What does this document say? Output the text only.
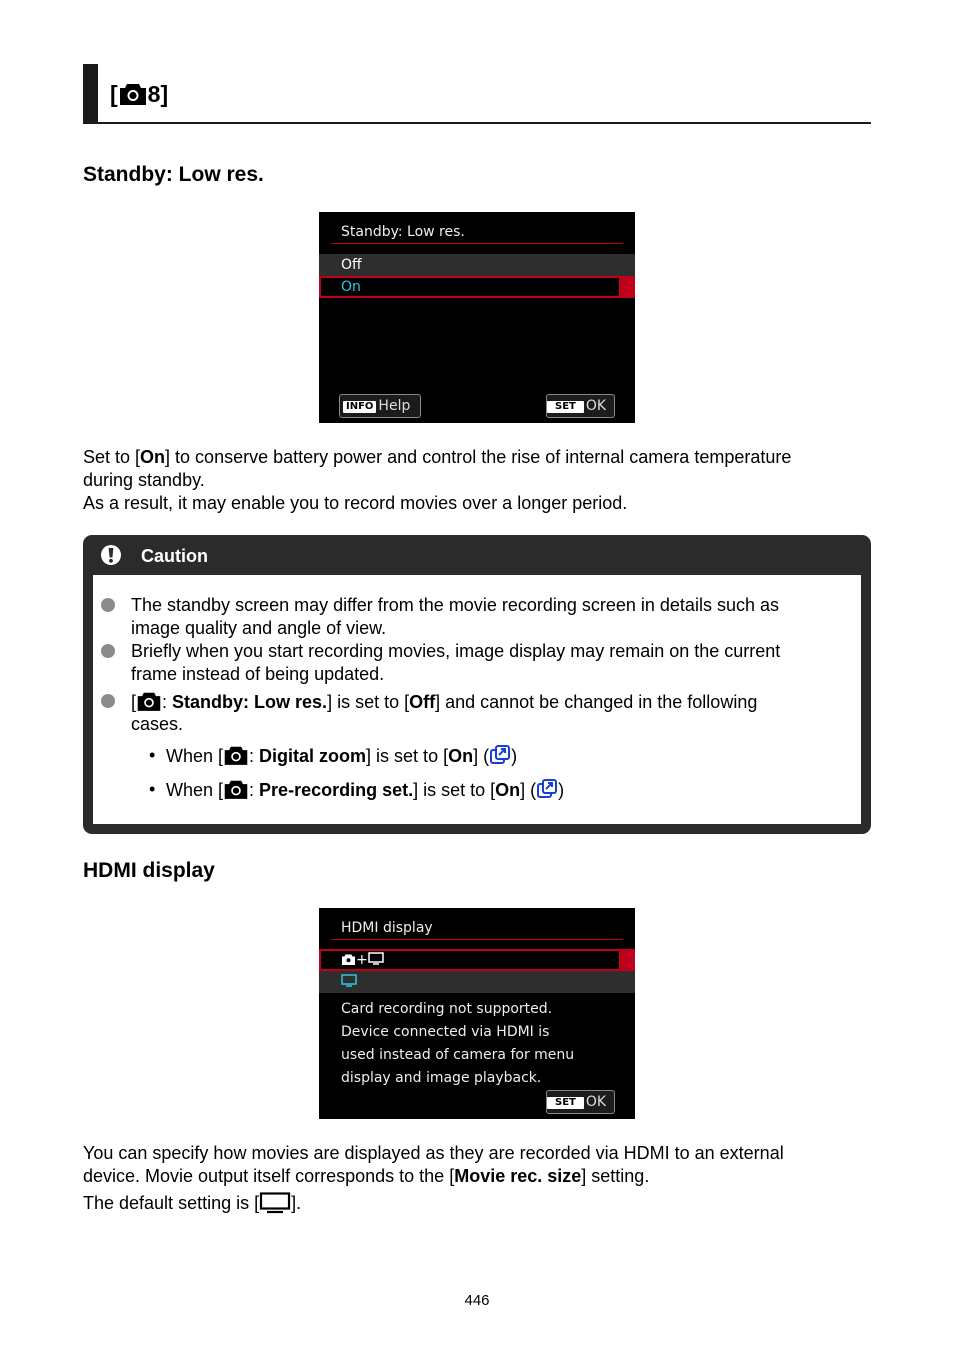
[ 8]
Standby: Low res.
Standby: Low res.
Off
On
INFO Help	SET OK
Set to [On] to conserve battery power and control the rise of internal camera temperature
during standby.
As a result, it may enable you to record movies over a longer period.
Caution
The standby screen may differ from the movie recording screen in details such as
image quality and angle of view.
Briefly when you start recording movies, image display may remain on the current
frame instead of being updated.
[ : Standby: Low res.] is set to [Off] and cannot be changed in the following
cases.
• When [ : Digital zoom] is set to [On] ( )
• When [ : Pre-recording set.] is set to [On] ( )
HDMI display
HDMI display
+
Card recording not supported.
Device connected via HDMI is
used instead of camera for menu
display and image playback.
SET OK
You can specify how movies are displayed as they are recorded via HDMI to an external
device. Movie output itself corresponds to the [Movie rec. size] setting.
The default setting is [ ].
446
